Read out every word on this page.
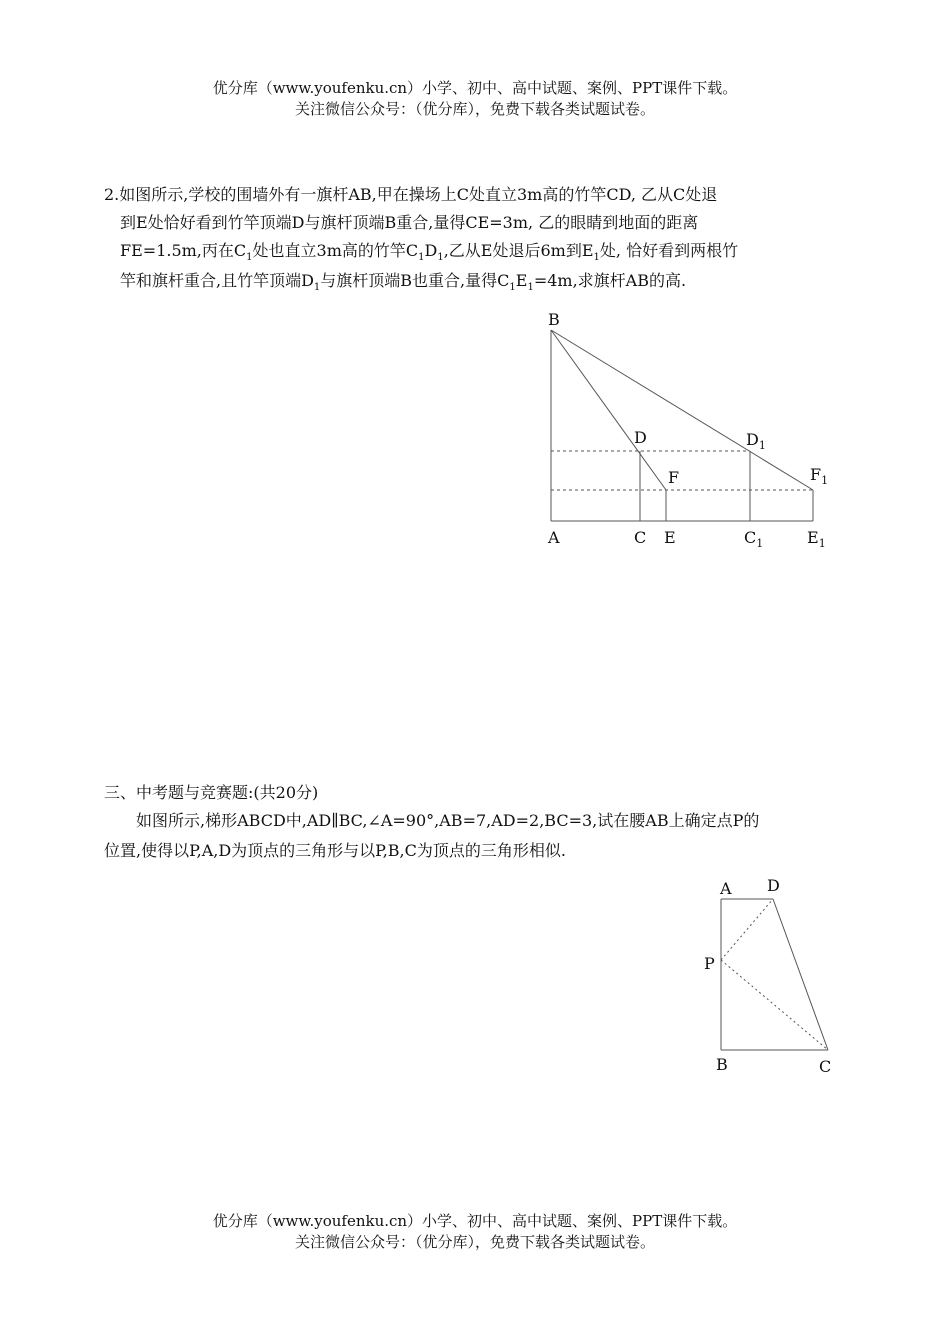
优分库（www.youfenku.cn）小学、初中、高中试题、案例、PPT课件下载。
关注微信公众号：（优分库），免费下载各类试题试卷。
2.如图所示,学校的围墙外有一旗杆AB,甲在操场上C处直立3m高的竹竿CD, 乙从C处退
到E处恰好看到竹竿顶端D与旗杆顶端B重合,量得CE=3m, 乙的眼睛到地面的距离
FE=1.5m,丙在$C_1$处也直立3m高的竹竿$C_1D_1$,乙从E处退后6m到$E_1$处, 恰好看到两根竹
竿和旗杆重合,且竹竿顶端$D_1$与旗杆顶端B也重合,量得$C_1E_1=4m$,求旗杆AB的高.
B
D	$D_1$
F	$F_1$
A	C E	$C_1$	$E_1$
三、中考题与竞赛题:(共20分)
如图所示,梯形ABCD中,AD∥BC,∠A=90°,AB=7,AD=2,BC=3,试在腰AB上确定点P的
位置,使得以P,A,D为顶点的三角形与以P,B,C为顶点的三角形相似.
A D
P
B	C
优分库（www.youfenku.cn）小学、初中、高中试题、案例、PPT课件下载。
关注微信公众号：（优分库），免费下载各类试题试卷。
